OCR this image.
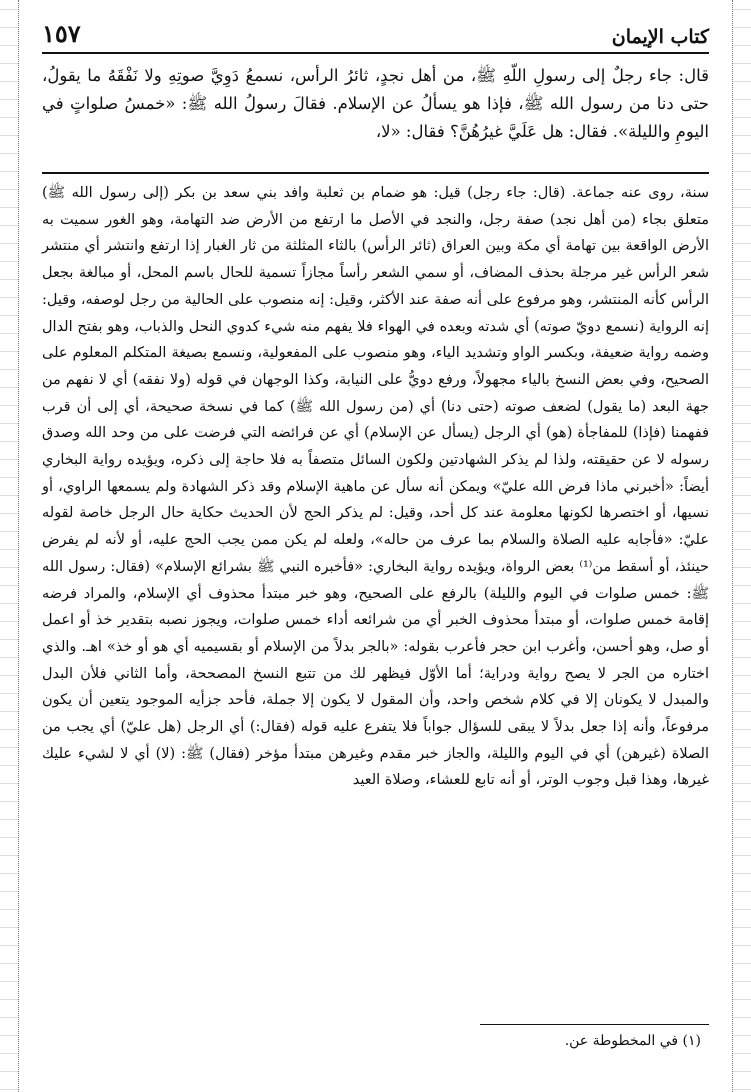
١٥٧	كتاب الإيمان
قال: جاء رجلٌ إلى رسولِ اللّهِ ﷺ، من أهل نجدٍ، ثائرُ الرأس، نسمعُ دَوِيَّ صوتِهِ ولا نَفْقَهُ ما يقولُ، حتى دنا من رسول الله ﷺ، فإذا هو يسألُ عن الإسلام. فقالَ رسولُ الله ﷺ: «خمسُ صلواتٍ في اليومِ والليلة». فقال: هل عَلَيَّ غيرُهُنَّ؟ فقال: «لا،

سنة، روى عنه جماعة. (قال: جاء رجل) قيل: هو ضمام بن ثعلبة وافد بني سعد بن بكر (إلى رسول الله ﷺ) متعلق بجاء (من أهل نجد) صفة رجل، والنجد في الأصل ما ارتفع من الأرض ضد التهامة، وهو الغور سميت به الأرض الواقعة بين تهامة أي مكة وبين العراق (ثائر الرأس) بالثاء المثلثة من ثار الغبار إذا ارتفع وانتشر أي منتشر شعر الرأس غير مرجلة بحذف المضاف، أو سمي الشعر رأساً مجازاً تسمية للحال باسم المحل، أو مبالغة بجعل الرأس كأنه المنتشر، وهو مرفوع على أنه صفة عند الأكثر، وقيل: إنه منصوب على الحالية من رجل لوصفه، وقيل: إنه الرواية (نسمع دويّ صوته) أي شدته وبعده في الهواء فلا يفهم منه شيء كدوي النحل والذباب، وهو بفتح الدال وضمه رواية ضعيفة، وبكسر الواو وتشديد الياء، وهو منصوب على المفعولية، ونسمع بصيغة المتكلم المعلوم على الصحيح، وفي بعض النسخ بالياء مجهولاً، ورفع دويُّ على النيابة، وكذا الوجهان في قوله (ولا نفقه) أي لا نفهم من جهة البعد (ما يقول) لضعف صوته (حتى دنا) أي (من رسول الله ﷺ) كما في نسخة صحيحة، أي إلى أن قرب ففهمنا (فإذا) للمفاجأة (هو) أي الرجل (يسأل عن الإسلام) أي عن فرائضه التي فرضت على من وحد الله وصدق رسوله لا عن حقيقته، ولذا لم يذكر الشهادتين ولكون السائل متصفاً به فلا حاجة إلى ذكره، ويؤيده رواية البخاري أيضاً: «أخبرني ماذا فرض الله عليّ» ويمكن أنه سأل عن ماهية الإسلام وقد ذكر الشهادة ولم يسمعها الراوي، أو نسيها، أو اختصرها لكونها معلومة عند كل أحد، وقيل: لم يذكر الحج لأن الحديث حكاية حال الرجل خاصة لقوله عليّ: «فأجابه عليه الصلاة والسلام بما عرف من حاله»، ولعله لم يكن ممن يجب الحج عليه، أو لأنه لم يفرض حينئذ، أو أسقط من⁽¹⁾ بعض الرواة، ويؤيده رواية البخاري: «فأخبره النبي ﷺ بشرائع الإسلام» (فقال: رسول الله ﷺ: خمس صلوات في اليوم والليلة) بالرفع على الصحيح، وهو خبر مبتدأ محذوف أي الإسلام، والمراد فرضه إقامة خمس صلوات، أو مبتدأ محذوف الخبر أي من شرائعه أداء خمس صلوات، ويجوز نصبه بتقدير خذ أو اعمل أو صل، وهو أحسن، وأغرب ابن حجر فأعرب بقوله: «بالجر بدلاً من الإسلام أو بقسيميه أي هو أو خذ» اهـ. والذي اختاره من الجر لا يصح رواية ودراية؛ أما الأوّل فيظهر لك من تتبع النسخ المصححة، وأما الثاني فلأن البدل والمبدل لا يكونان إلا في كلام شخص واحد، وأن المقول لا يكون إلا جملة، فأحد جزأيه الموجود يتعين أن يكون مرفوعاً، وأنه إذا جعل بدلاً لا يبقى للسؤال جواباً فلا يتفرع عليه قوله (فقال:) أي الرجل (هل عليّ) أي يجب من الصلاة (غيرهن) أي في اليوم والليلة، والجاز خبر مقدم وغيرهن مبتدأ مؤخر (فقال) ﷺ: (لا) أي لا لشيء عليك غيرها، وهذا قبل وجوب الوتر، أو أنه تابع للعشاء، وصلاة العيد

(١) في المخطوطة عن.
